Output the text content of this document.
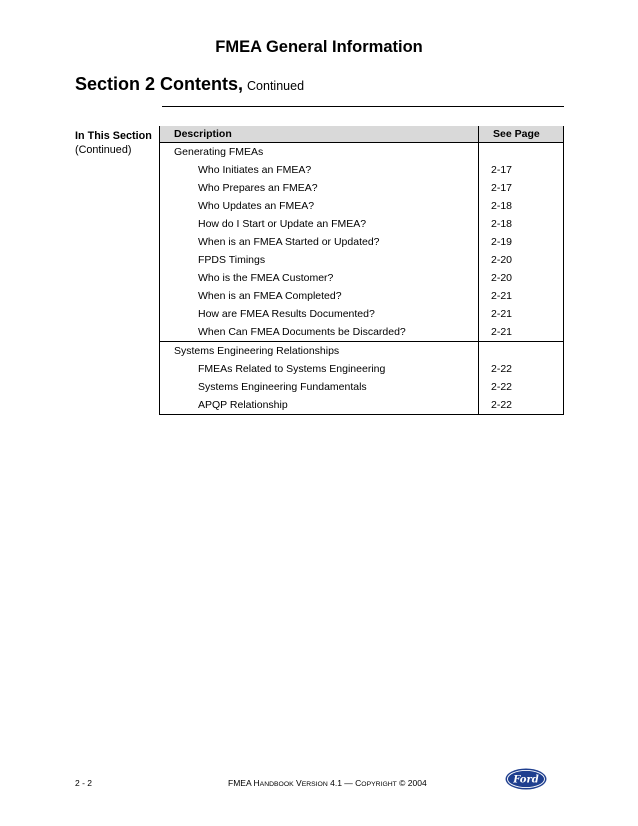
FMEA General Information
Section 2 Contents, Continued
In This Section
(Continued)
Description	See Page
Generating FMEAs	
Who Initiates an FMEA?	2-17
Who Prepares an FMEA?	2-17
Who Updates an FMEA?	2-18
How do I Start or Update an FMEA?	2-18
When is an FMEA Started or Updated?	2-19
FPDS Timings	2-20
Who is the FMEA Customer?	2-20
When is an FMEA Completed?	2-21
How are FMEA Results Documented?	2-21
When Can FMEA Documents be Discarded?	2-21
Systems Engineering Relationships	
FMEAs Related to Systems Engineering	2-22
Systems Engineering Fundamentals	2-22
APQP Relationship	2-22
2 - 2	FMEA HANDBOOK VERSION 4.1 — COPYRIGHT © 2004	Ford
